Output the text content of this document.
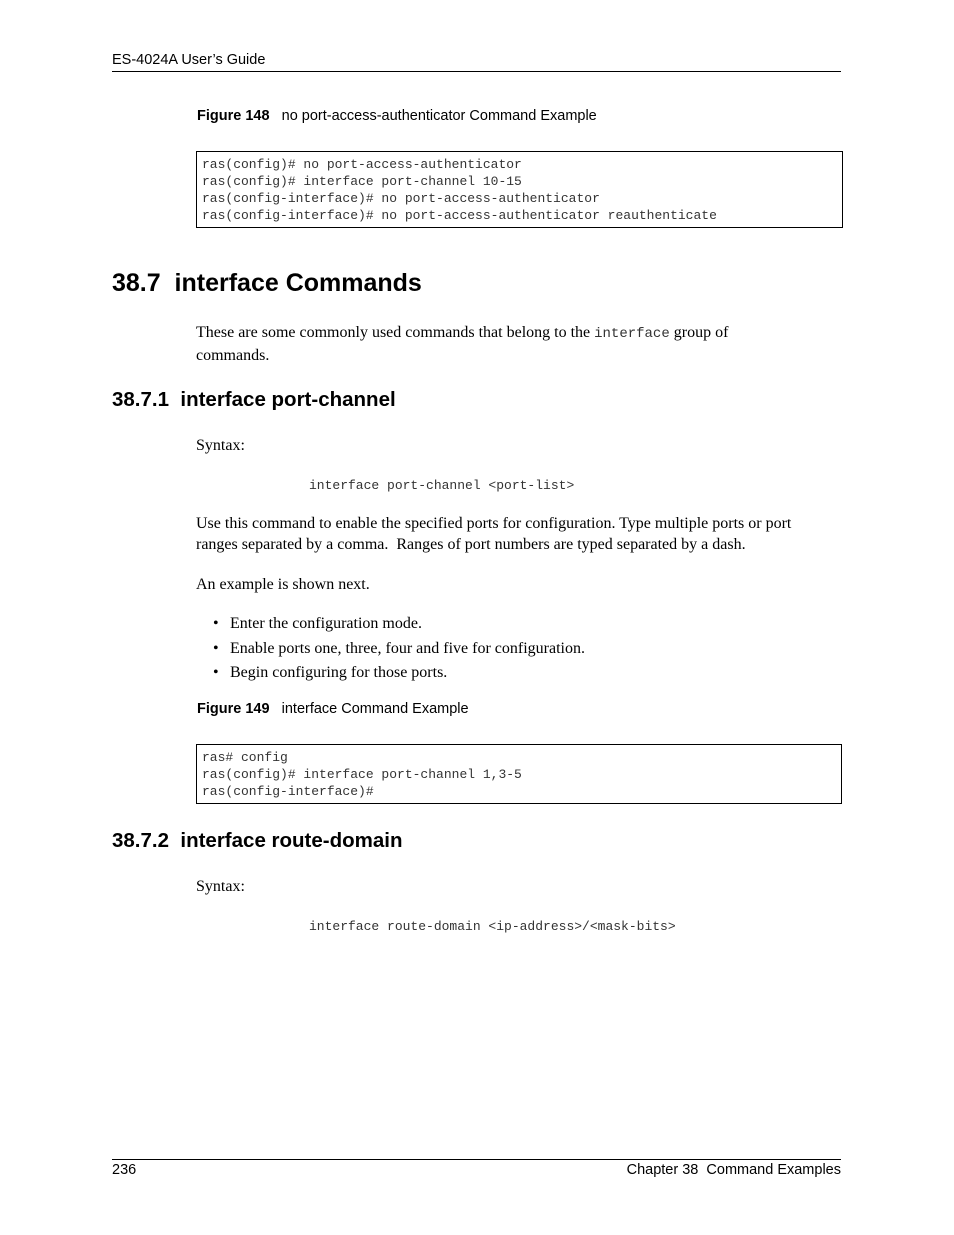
ES-4024A User’s Guide
Figure 148 no port-access-authenticator Command Example
ras(config)# no port-access-authenticator
ras(config)# interface port-channel 10-15
ras(config-interface)# no port-access-authenticator
ras(config-interface)# no port-access-authenticator reauthenticate
38.7  interface Commands
These are some commonly used commands that belong to the interface group of
commands.
38.7.1  interface port-channel
Syntax:
interface port-channel <port-list>
Use this command to enable the specified ports for configuration. Type multiple ports or port
ranges separated by a comma.  Ranges of port numbers are typed separated by a dash.
An example is shown next.
• Enter the configuration mode.
• Enable ports one, three, four and five for configuration.
• Begin configuring for those ports.
Figure 149 interface Command Example
ras# config
ras(config)# interface port-channel 1,3-5
ras(config-interface)#
38.7.2  interface route-domain
Syntax:
interface route-domain <ip-address>/<mask-bits>
236	Chapter 38  Command Examples
